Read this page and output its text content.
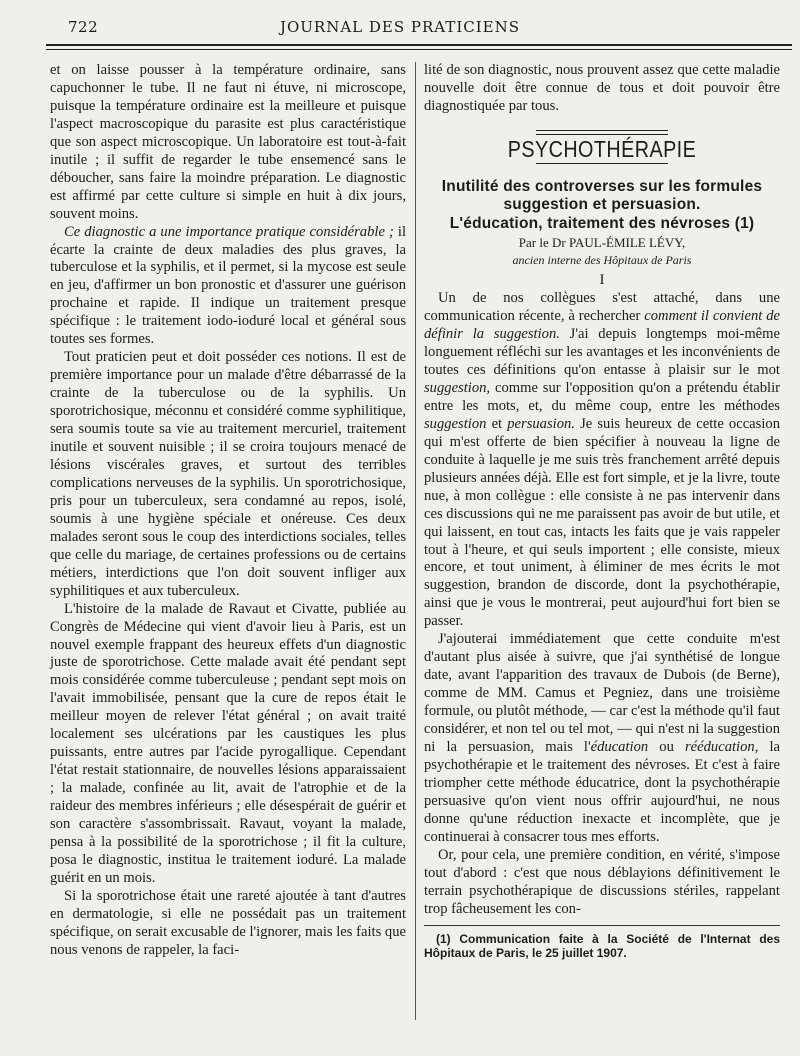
722	JOURNAL DES PRATICIENS

et on laisse pousser à la température ordinaire, sans capuchonner le tube. Il ne faut ni étuve, ni microscope, puisque la température ordinaire est la meilleure et puisque l'aspect macroscopique du parasite est plus caractéristique que son aspect microscopique. Un laboratoire est tout-à-fait inutile ; il suffit de regarder le tube ensemencé sans le déboucher, sans faire la moindre préparation. Le diagnostic est affirmé par cette culture si simple en huit à dix jours, souvent moins.

Ce diagnostic a une importance pratique considérable ; il écarte la crainte de deux maladies des plus graves, la tuberculose et la syphilis, et il permet, si la mycose est seule en jeu, d'affirmer un bon pronostic et d'assurer une guérison prochaine et rapide. Il indique un traitement presque spécifique : le traitement iodo-ioduré local et général sous toutes ses formes.

Tout praticien peut et doit posséder ces notions. Il est de première importance pour un malade d'être débarrassé de la crainte de la tuberculose ou de la syphilis. Un sporotrichosique, méconnu et considéré comme syphilitique, sera soumis toute sa vie au traitement mercuriel, traitement inutile et souvent nuisible ; il se croira toujours menacé de lésions viscérales graves, et surtout des terribles complications nerveuses de la syphilis. Un sporotrichosique, pris pour un tuberculeux, sera condamné au repos, isolé, soumis à une hygiène spéciale et onéreuse. Ces deux malades seront sous le coup des interdictions sociales, telles que celle du mariage, de certaines professions ou de certains métiers, interdictions que l'on doit souvent infliger aux syphilitiques et aux tuberculeux.

L'histoire de la malade de Ravaut et Civatte, publiée au Congrès de Médecine qui vient d'avoir lieu à Paris, est un nouvel exemple frappant des heureux effets d'un diagnostic juste de sporotrichose. Cette malade avait été pendant sept mois considérée comme tuberculeuse ; pendant sept mois on l'avait immobilisée, pensant que la cure de repos était le meilleur moyen de relever l'état général ; on avait traité localement ses ulcérations par les caustiques les plus puissants, entre autres par l'acide pyrogallique. Cependant l'état restait stationnaire, de nouvelles lésions apparaissaient ; la malade, confinée au lit, avait de l'atrophie et de la raideur des membres inférieurs ; elle désespérait de guérir et son caractère s'assombrissait. Ravaut, voyant la malade, pensa à la possibilité de la sporotrichose ; il fit la culture, posa le diagnostic, institua le traitement ioduré. La malade guérit en un mois.

Si la sporotrichose était une rareté ajoutée à tant d'autres en dermatologie, si elle ne possédait pas un traitement spécifique, on serait excusable de l'ignorer, mais les faits que nous venons de rappeler, la faci-

lité de son diagnostic, nous prouvent assez que cette maladie nouvelle doit être connue de tous et doit pouvoir être diagnostiquée par tous.

PSYCHOTHÉRAPIE
Inutilité des controverses sur les formules
suggestion et persuasion.
L'éducation, traitement des névroses (1)
Par le Dr PAUL-ÉMILE LÉVY,
ancien interne des Hôpitaux de Paris
I

Un de nos collègues s'est attaché, dans une communication récente, à rechercher comment il convient de définir la suggestion. J'ai depuis longtemps moi-même longuement réfléchi sur les avantages et les inconvénients de toutes ces définitions qu'on entasse à plaisir sur le mot suggestion, comme sur l'opposition qu'on a prétendu établir entre les mots, et, du même coup, entre les méthodes suggestion et persuasion. Je suis heureux de cette occasion qui m'est offerte de bien spécifier à nouveau la ligne de conduite à laquelle je me suis très franchement arrêté depuis plusieurs années déjà. Elle est fort simple, et je la livre, toute nue, à mon collègue : elle consiste à ne pas intervenir dans ces discussions qui ne me paraissent pas avoir de but utile, et qui laissent, en tout cas, intacts les faits que je vais rappeler tout à l'heure, et qui seuls importent ; elle consiste, mieux encore, et tout uniment, à éliminer de mes écrits le mot suggestion, brandon de discorde, dont la psychothérapie, ainsi que je vous le montrerai, peut aujourd'hui fort bien se passer.

J'ajouterai immédiatement que cette conduite m'est d'autant plus aisée à suivre, que j'ai synthétisé de longue date, avant l'apparition des travaux de Dubois (de Berne), comme de MM. Camus et Pegniez, dans une troisième formule, ou plutôt méthode, — car c'est la méthode qu'il faut considérer, et non tel ou tel mot, — qui n'est ni la suggestion ni la persuasion, mais l'éducation ou rééducation, la psychothérapie et le traitement des névroses. Et c'est à faire triompher cette méthode éducatrice, dont la psychothérapie persuasive qu'on vient nous offrir aujourd'hui, ne nous donne qu'une réduction inexacte et incomplète, que je continuerai à consacrer tous mes efforts.

Or, pour cela, une première condition, en vérité, s'impose tout d'abord : c'est que nous déblayions définitivement le terrain psychothérapique de discussions stériles, rappelant trop fâcheusement les con-

(1) Communication faite à la Société de l'Internat des Hôpitaux de Paris, le 25 juillet 1907.
